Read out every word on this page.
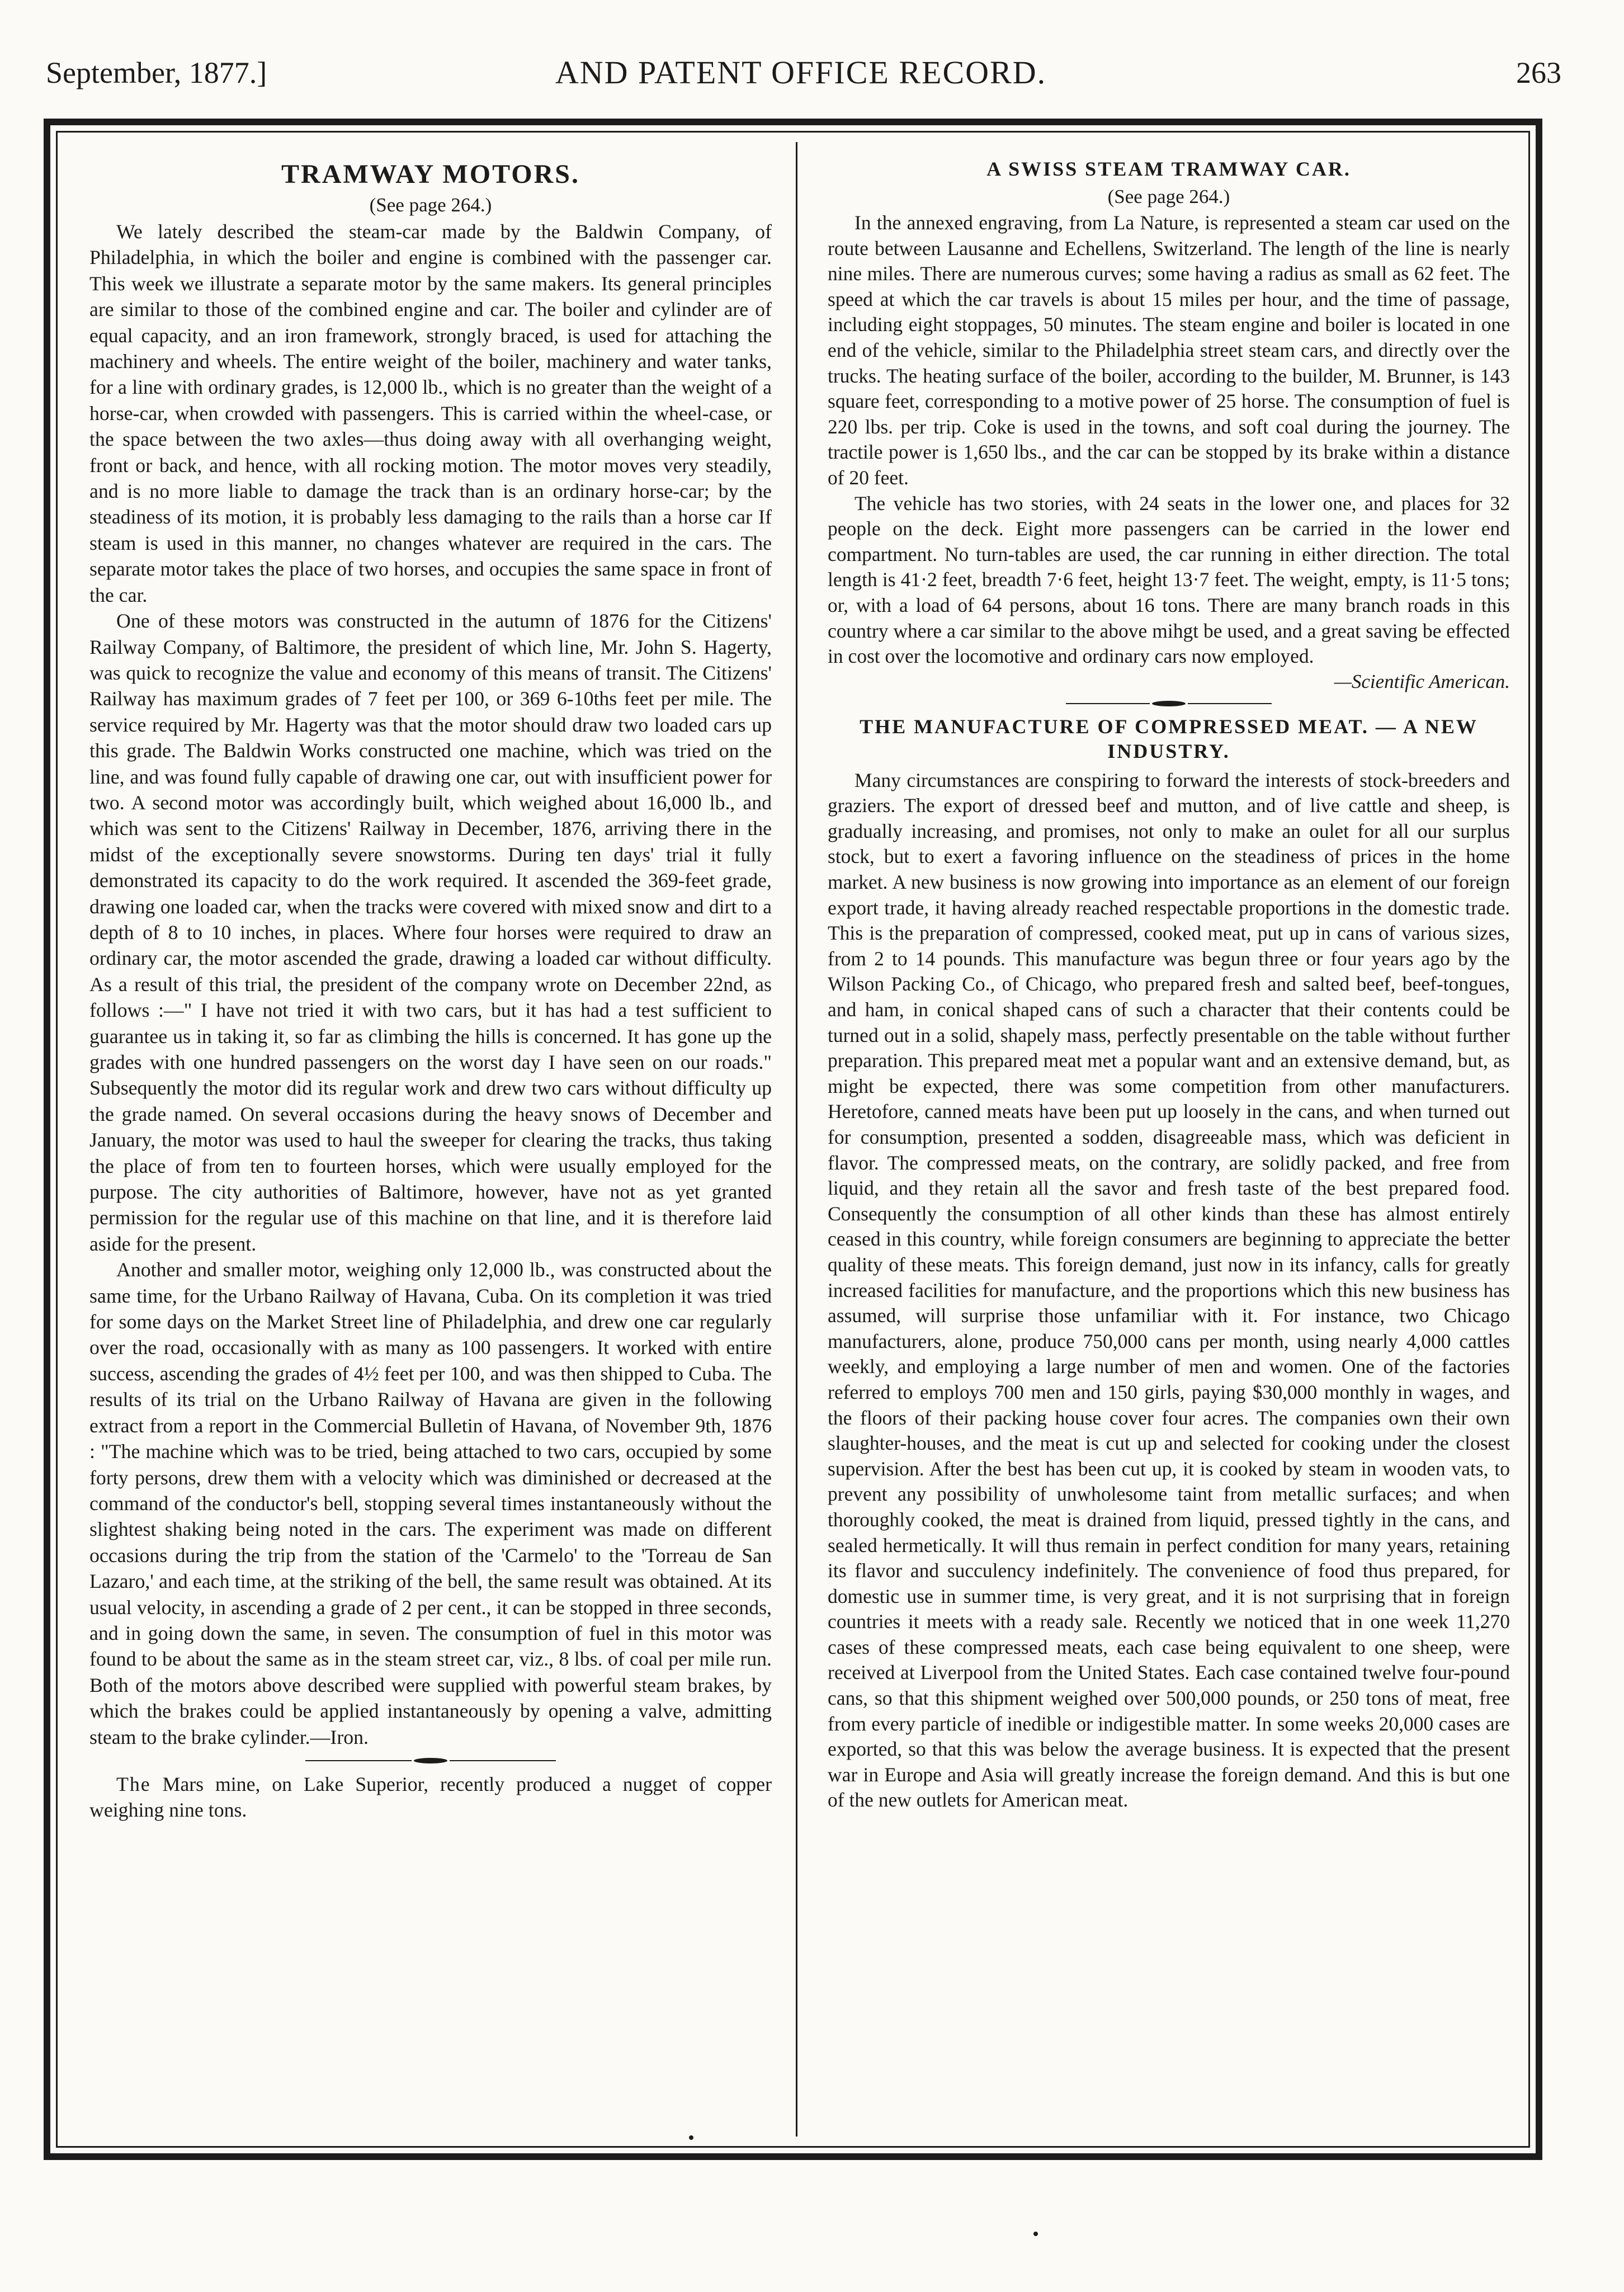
September, 1877.]	AND PATENT OFFICE RECORD.	263
TRAMWAY MOTORS.
(See page 264.)

We lately described the steam-car made by the Baldwin Company, of Philadelphia, in which the boiler and engine is combined with the passenger car. This week we illustrate a separate motor by the same makers. Its general principles are similar to those of the combined engine and car. The boiler and cylinder are of equal capacity, and an iron framework, strongly braced, is used for attaching the machinery and wheels. The entire weight of the boiler, machinery and water tanks, for a line with ordinary grades, is 12,000 lb., which is no greater than the weight of a horse-car, when crowded with passengers. This is carried within the wheel-case, or the space between the two axles—thus doing away with all overhanging weight, front or back, and hence, with all rocking motion. The motor moves very steadily, and is no more liable to damage the track than is an ordinary horse-car; by the steadiness of its motion, it is probably less damaging to the rails than a horse car If steam is used in this manner, no changes whatever are required in the cars. The separate motor takes the place of two horses, and occupies the same space in front of the car.

One of these motors was constructed in the autumn of 1876 for the Citizens' Railway Company, of Baltimore, the president of which line, Mr. John S. Hagerty, was quick to recognize the value and economy of this means of transit. The Citizens' Railway has maximum grades of 7 feet per 100, or 369 6-10ths feet per mile. The service required by Mr. Hagerty was that the motor should draw two loaded cars up this grade. The Baldwin Works constructed one machine, which was tried on the line, and was found fully capable of drawing one car, out with insufficient power for two. A second motor was accordingly built, which weighed about 16,000 lb., and which was sent to the Citizens' Railway in December, 1876, arriving there in the midst of the exceptionally severe snowstorms. During ten days' trial it fully demonstrated its capacity to do the work required. It ascended the 369-feet grade, drawing one loaded car, when the tracks were covered with mixed snow and dirt to a depth of 8 to 10 inches, in places. Where four horses were required to draw an ordinary car, the motor ascended the grade, drawing a loaded car without difficulty. As a result of this trial, the president of the company wrote on December 22nd, as follows :—" I have not tried it with two cars, but it has had a test sufficient to guarantee us in taking it, so far as climbing the hills is concerned. It has gone up the grades with one hundred passengers on the worst day I have seen on our roads." Subsequently the motor did its regular work and drew two cars without difficulty up the grade named. On several occasions during the heavy snows of December and January, the motor was used to haul the sweeper for clearing the tracks, thus taking the place of from ten to fourteen horses, which were usually employed for the purpose. The city authorities of Baltimore, however, have not as yet granted permission for the regular use of this machine on that line, and it is therefore laid aside for the present.

Another and smaller motor, weighing only 12,000 lb., was constructed about the same time, for the Urbano Railway of Havana, Cuba. On its completion it was tried for some days on the Market Street line of Philadelphia, and drew one car regularly over the road, occasionally with as many as 100 passengers. It worked with entire success, ascending the grades of 4½ feet per 100, and was then shipped to Cuba. The results of its trial on the Urbano Railway of Havana are given in the following extract from a report in the Commercial Bulletin of Havana, of November 9th, 1876 : "The machine which was to be tried, being attached to two cars, occupied by some forty persons, drew them with a velocity which was diminished or decreased at the command of the conductor's bell, stopping several times instantaneously without the slightest shaking being noted in the cars. The experiment was made on different occasions during the trip from the station of the 'Carmelo' to the 'Torreau de San Lazaro,' and each time, at the striking of the bell, the same result was obtained. At its usual velocity, in ascending a grade of 2 per cent., it can be stopped in three seconds, and in going down the same, in seven. The consumption of fuel in this motor was found to be about the same as in the steam street car, viz., 8 lbs. of coal per mile run. Both of the motors above described were supplied with powerful steam brakes, by which the brakes could be applied instantaneously by opening a valve, admitting steam to the brake cylinder.—Iron.

The Mars mine, on Lake Superior, recently produced a nugget of copper weighing nine tons.

A SWISS STEAM TRAMWAY CAR.
(See page 264.)

In the annexed engraving, from La Nature, is represented a steam car used on the route between Lausanne and Echellens, Switzerland. The length of the line is nearly nine miles. There are numerous curves; some having a radius as small as 62 feet. The speed at which the car travels is about 15 miles per hour, and the time of passage, including eight stoppages, 50 minutes. The steam engine and boiler is located in one end of the vehicle, similar to the Philadelphia street steam cars, and directly over the trucks. The heating surface of the boiler, according to the builder, M. Brunner, is 143 square feet, corresponding to a motive power of 25 horse. The consumption of fuel is 220 lbs. per trip. Coke is used in the towns, and soft coal during the journey. The tractile power is 1,650 lbs., and the car can be stopped by its brake within a distance of 20 feet.

The vehicle has two stories, with 24 seats in the lower one, and places for 32 people on the deck. Eight more passengers can be carried in the lower end compartment. No turn-tables are used, the car running in either direction. The total length is 41·2 feet, breadth 7·6 feet, height 13·7 feet. The weight, empty, is 11·5 tons; or, with a load of 64 persons, about 16 tons. There are many branch roads in this country where a car similar to the above mihgt be used, and a great saving be effected in cost over the locomotive and ordinary cars now employed.

—Scientific American.
THE MANUFACTURE OF COMPRESSED MEAT. — A NEW INDUSTRY.

Many circumstances are conspiring to forward the interests of stock-breeders and graziers. The export of dressed beef and mutton, and of live cattle and sheep, is gradually increasing, and promises, not only to make an oulet for all our surplus stock, but to exert a favoring influence on the steadiness of prices in the home market. A new business is now growing into importance as an element of our foreign export trade, it having already reached respectable proportions in the domestic trade. This is the preparation of compressed, cooked meat, put up in cans of various sizes, from 2 to 14 pounds. This manufacture was begun three or four years ago by the Wilson Packing Co., of Chicago, who prepared fresh and salted beef, beef-tongues, and ham, in conical shaped cans of such a character that their contents could be turned out in a solid, shapely mass, perfectly presentable on the table without further preparation. This prepared meat met a popular want and an extensive demand, but, as might be expected, there was some competition from other manufacturers. Heretofore, canned meats have been put up loosely in the cans, and when turned out for consumption, presented a sodden, disagreeable mass, which was deficient in flavor. The compressed meats, on the contrary, are solidly packed, and free from liquid, and they retain all the savor and fresh taste of the best prepared food. Consequently the consumption of all other kinds than these has almost entirely ceased in this country, while foreign consumers are beginning to appreciate the better quality of these meats. This foreign demand, just now in its infancy, calls for greatly increased facilities for manufacture, and the proportions which this new business has assumed, will surprise those unfamiliar with it. For instance, two Chicago manufacturers, alone, produce 750,000 cans per month, using nearly 4,000 cattles weekly, and employing a large number of men and women. One of the factories referred to employs 700 men and 150 girls, paying $30,000 monthly in wages, and the floors of their packing house cover four acres. The companies own their own slaughter-houses, and the meat is cut up and selected for cooking under the closest supervision. After the best has been cut up, it is cooked by steam in wooden vats, to prevent any possibility of unwholesome taint from metallic surfaces; and when thoroughly cooked, the meat is drained from liquid, pressed tightly in the cans, and sealed hermetically. It will thus remain in perfect condition for many years, retaining its flavor and succulency indefinitely. The convenience of food thus prepared, for domestic use in summer time, is very great, and it is not surprising that in foreign countries it meets with a ready sale. Recently we noticed that in one week 11,270 cases of these compressed meats, each case being equivalent to one sheep, were received at Liverpool from the United States. Each case contained twelve four-pound cans, so that this shipment weighed over 500,000 pounds, or 250 tons of meat, free from every particle of inedible or indigestible matter. In some weeks 20,000 cases are exported, so that this was below the average business. It is expected that the present war in Europe and Asia will greatly increase the foreign demand. And this is but one of the new outlets for American meat.
